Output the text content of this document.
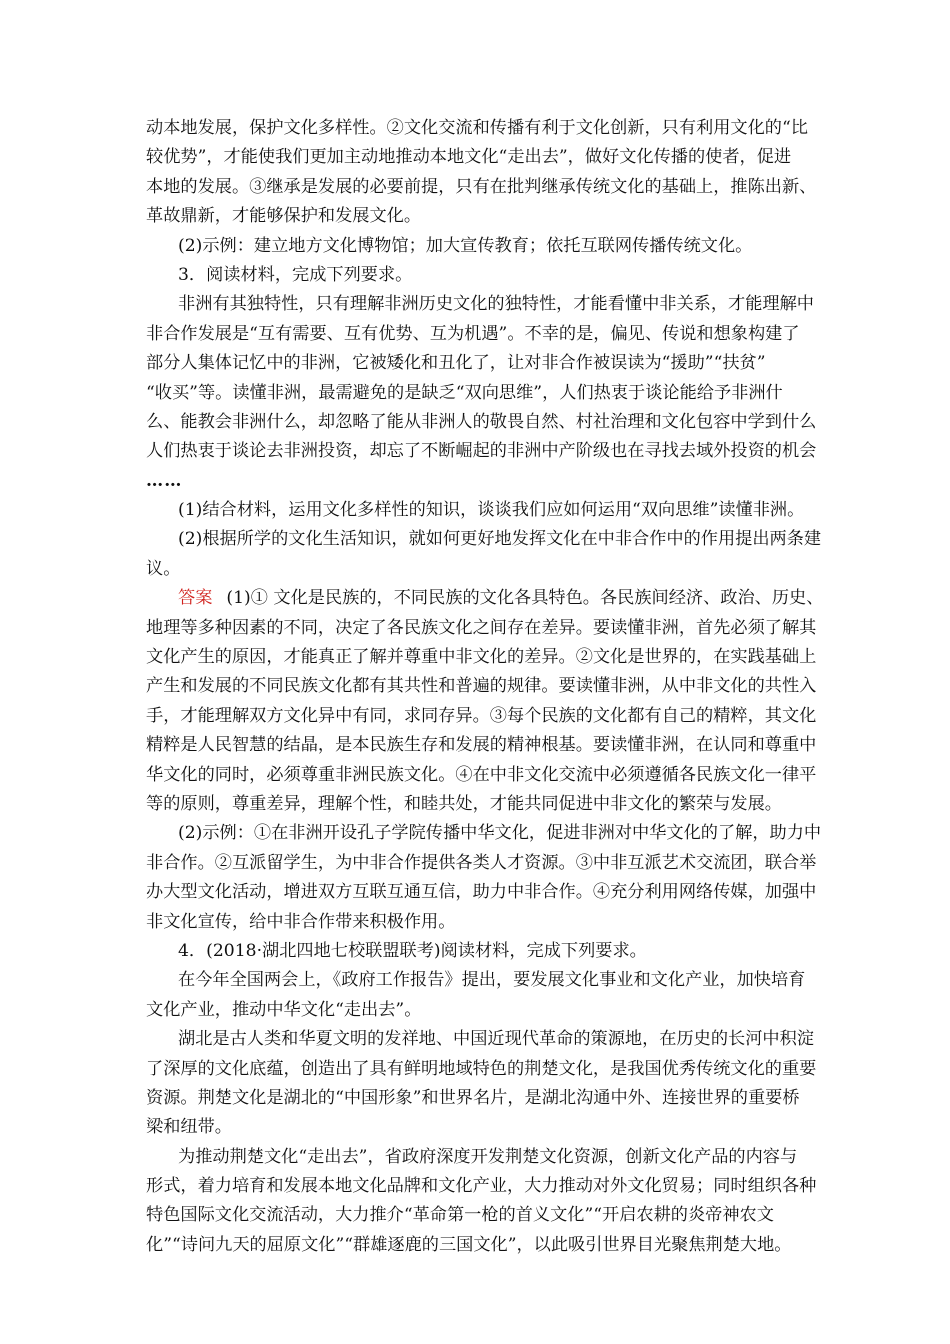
动本地发展，保护文化多样性。②文化交流和传播有利于文化创新，只有利用文化的“比
较优势”，才能使我们更加主动地推动本地文化“走出去”，做好文化传播的使者，促进
本地的发展。③继承是发展的必要前提，只有在批判继承传统文化的基础上，推陈出新、
革故鼎新，才能够保护和发展文化。
(2)示例：建立地方文化博物馆；加大宣传教育；依托互联网传播传统文化。
3．阅读材料，完成下列要求。
非洲有其独特性，只有理解非洲历史文化的独特性，才能看懂中非关系，才能理解中
非合作发展是“互有需要、互有优势、互为机遇”。不幸的是，偏见、传说和想象构建了
部分人集体记忆中的非洲，它被矮化和丑化了，让对非合作被误读为“援助”“扶贫”
“收买”等。读懂非洲，最需避免的是缺乏“双向思维”，人们热衷于谈论能给予非洲什
么、能教会非洲什么，却忽略了能从非洲人的敬畏自然、村社治理和文化包容中学到什么
人们热衷于谈论去非洲投资，却忘了不断崛起的非洲中产阶级也在寻找去域外投资的机会
……
(1)结合材料，运用文化多样性的知识，谈谈我们应如何运用“双向思维”读懂非洲。
(2)根据所学的文化生活知识，就如何更好地发挥文化在中非合作中的作用提出两条建
议。
答案 (1)① 文化是民族的，不同民族的文化各具特色。各民族间经济、政治、历史、
地理等多种因素的不同，决定了各民族文化之间存在差异。要读懂非洲，首先必须了解其
文化产生的原因，才能真正了解并尊重中非文化的差异。②文化是世界的，在实践基础上
产生和发展的不同民族文化都有其共性和普遍的规律。要读懂非洲，从中非文化的共性入
手，才能理解双方文化异中有同，求同存异。③每个民族的文化都有自己的精粹，其文化
精粹是人民智慧的结晶，是本民族生存和发展的精神根基。要读懂非洲，在认同和尊重中
华文化的同时，必须尊重非洲民族文化。④在中非文化交流中必须遵循各民族文化一律平
等的原则，尊重差异，理解个性，和睦共处，才能共同促进中非文化的繁荣与发展。
(2)示例：①在非洲开设孔子学院传播中华文化，促进非洲对中华文化的了解，助力中
非合作。②互派留学生，为中非合作提供各类人才资源。③中非互派艺术交流团，联合举
办大型文化活动，增进双方互联互通互信，助力中非合作。④充分利用网络传媒，加强中
非文化宣传，给中非合作带来积极作用。
4．(2018·湖北四地七校联盟联考)阅读材料，完成下列要求。
在今年全国两会上，《政府工作报告》提出，要发展文化事业和文化产业，加快培育
文化产业，推动中华文化“走出去”。
湖北是古人类和华夏文明的发祥地、中国近现代革命的策源地，在历史的长河中积淀
了深厚的文化底蕴，创造出了具有鲜明地域特色的荆楚文化，是我国优秀传统文化的重要
资源。荆楚文化是湖北的“中国形象”和世界名片，是湖北沟通中外、连接世界的重要桥
梁和纽带。
为推动荆楚文化“走出去”，省政府深度开发荆楚文化资源，创新文化产品的内容与
形式，着力培育和发展本地文化品牌和文化产业，大力推动对外文化贸易；同时组织各种
特色国际文化交流活动，大力推介“革命第一枪的首义文化”“开启农耕的炎帝神农文
化”“诗问九天的屈原文化”“群雄逐鹿的三国文化”，以此吸引世界目光聚焦荆楚大地。
